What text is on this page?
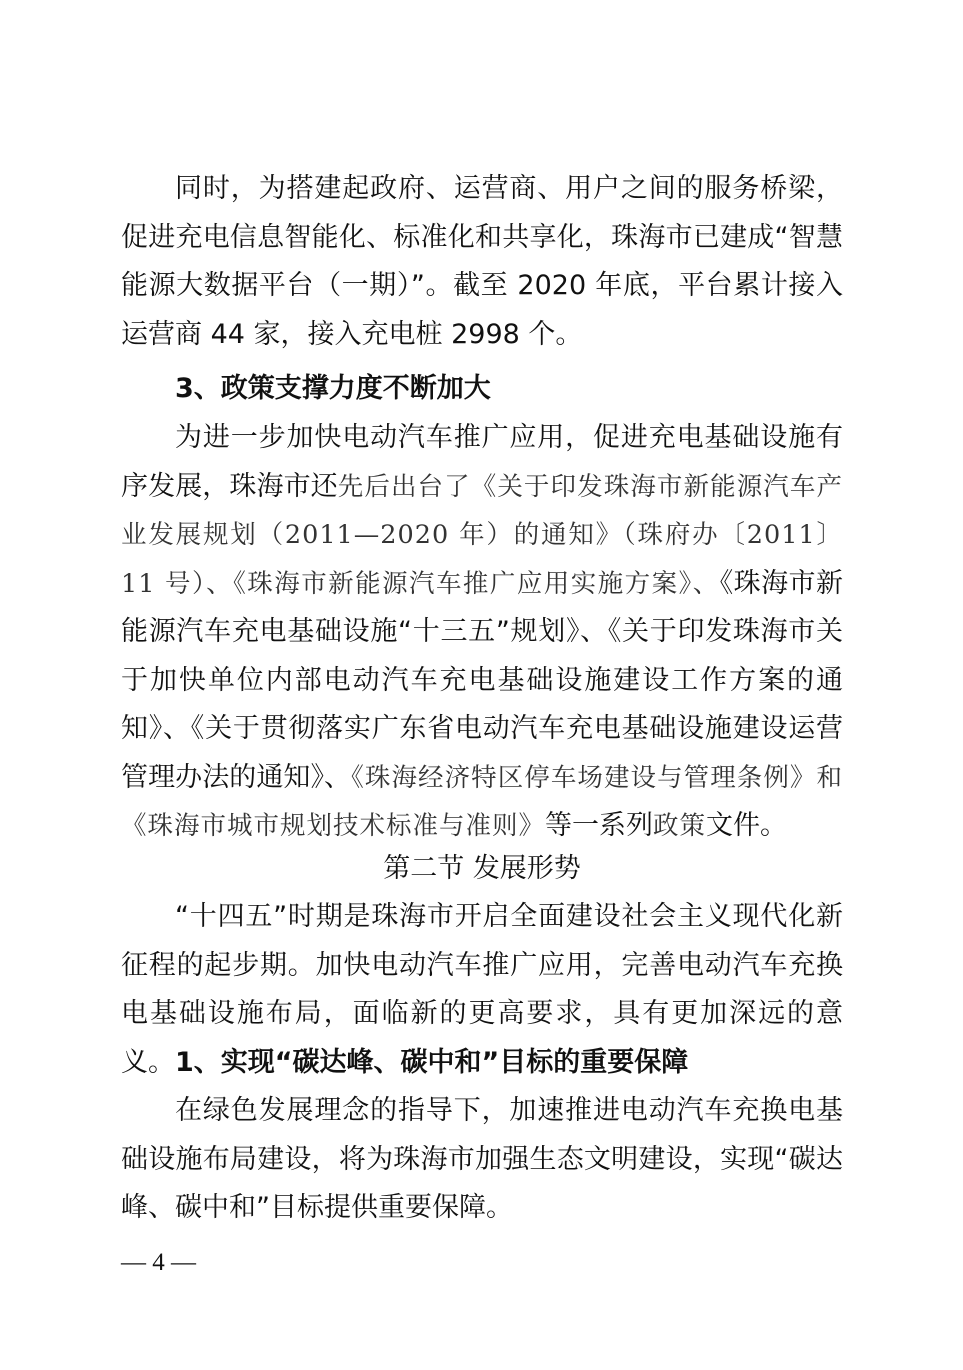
同时，为搭建起政府、运营商、用户之间的服务桥梁，促进充电信息智能化、标准化和共享化，珠海市已建成“智慧能源大数据平台（一期）”。截至 2020 年底，平台累计接入运营商 44 家，接入充电桩 2998 个。

3、政策支撑力度不断加大

为进一步加快电动汽车推广应用，促进充电基础设施有序发展，珠海市还先后出台了《关于印发珠海市新能源汽车产业发展规划（2011—2020 年）的通知》（珠府办〔2011〕11 号）、《珠海市新能源汽车推广应用实施方案》、《珠海市新能源汽车充电基础设施“十三五”规划》、《关于印发珠海市关于加快单位内部电动汽车充电基础设施建设工作方案的通知》、《关于贯彻落实广东省电动汽车充电基础设施建设运营管理办法的通知》、《珠海经济特区停车场建设与管理条例》和《珠海市城市规划技术标准与准则》等一系列政策文件。

第二节 发展形势

“十四五”时期是珠海市开启全面建设社会主义现代化新征程的起步期。加快电动汽车推广应用，完善电动汽车充换电基础设施布局，面临新的更高要求，具有更加深远的意义。 1、实现“碳达峰、碳中和”目标的重要保障

在绿色发展理念的指导下，加速推进电动汽车充换电基础设施布局建设，将为珠海市加强生态文明建设，实现“碳达峰、碳中和”目标提供重要保障。

— 4 —
